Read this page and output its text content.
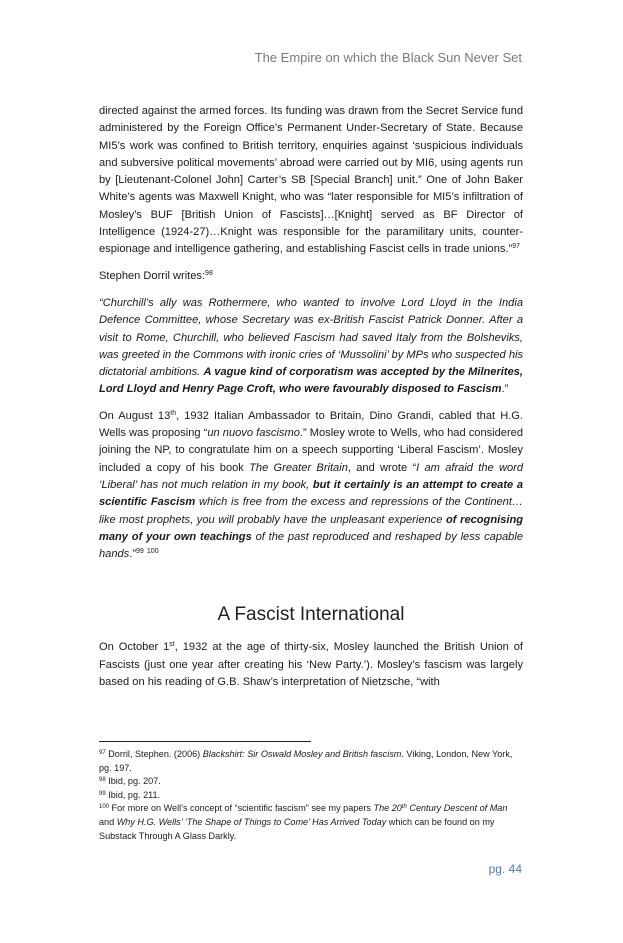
The Empire on which the Black Sun Never Set

directed against the armed forces. Its funding was drawn from the Secret Service fund administered by the Foreign Office’s Permanent Under-Secretary of State. Because MI5’s work was confined to British territory, enquiries against ‘suspicious individuals and subversive political movements’ abroad were carried out by MI6, using agents run by [Lieutenant-Colonel John] Carter’s SB [Special Branch] unit.” One of John Baker White’s agents was Maxwell Knight, who was “later responsible for MI5’s infiltration of Mosley’s BUF [British Union of Fascists]…[Knight] served as BF Director of Intelligence (1924-27)…Knight was responsible for the paramilitary units, counter-espionage and intelligence gathering, and establishing Fascist cells in trade unions.”$^{97}$

Stephen Dorril writes:$^{98}$

“Churchill’s ally was Rothermere, who wanted to involve Lord Lloyd in the India Defence Committee, whose Secretary was ex-British Fascist Patrick Donner. After a visit to Rome, Churchill, who believed Fascism had saved Italy from the Bolsheviks, was greeted in the Commons with ironic cries of ‘Mussolini’ by MPs who suspected his dictatorial ambitions. A vague kind of corporatism was accepted by the Milnerites, Lord Lloyd and Henry Page Croft, who were favourably disposed to Fascism.”

On August 13th, 1932 Italian Ambassador to Britain, Dino Grandi, cabled that H.G. Wells was proposing “un nuovo fascismo.” Mosley wrote to Wells, who had considered joining the NP, to congratulate him on a speech supporting ‘Liberal Fascism’. Mosley included a copy of his book The Greater Britain, and wrote “I am afraid the word ‘Liberal’ has not much relation in my book, but it certainly is an attempt to create a scientific Fascism which is free from the excess and repressions of the Continent…like most prophets, you will probably have the unpleasant experience of recognising many of your own teachings of the past reproduced and reshaped by less capable hands.”$^{99}$ $^{100}$

A Fascist International

On October 1st, 1932 at the age of thirty-six, Mosley launched the British Union of Fascists (just one year after creating his ‘New Party.’). Mosley’s fascism was largely based on his reading of G.B. Shaw’s interpretation of Nietzsche, “with

$^{97}$ Dorril, Stephen. (2006) Blackshirt: Sir Oswald Mosley and British fascism. Viking, London, New York, pg. 197.

$^{98}$ Ibid, pg. 207.

$^{99}$ Ibid, pg. 211.

$^{100}$ For more on Well’s concept of “scientific fascism” see my papers The 20th Century Descent of Man and Why H.G. Wells’ ‘The Shape of Things to Come’ Has Arrived Today which can be found on my Substack Through A Glass Darkly.

pg. 44
